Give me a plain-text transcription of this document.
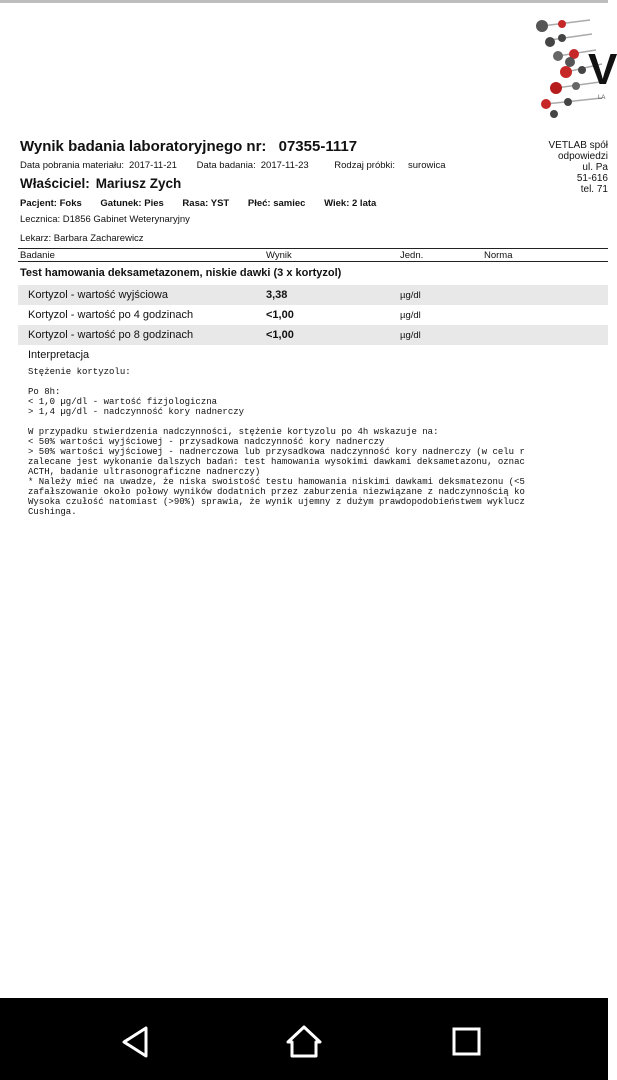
V
LA
Wynik badania laboratoryjnego nr: 07355-1117	VETLAB spół
odpowiedzi
ul. Pa
51-616
tel. 71
Data pobrania materiału: 2017-11-21 Data badania: 2017-11-23	Rodzaj próbki: surowica
Właściciel: Mariusz Zych
Pacjent: Foks Gatunek: Pies Rasa: YST Płeć: samiec Wiek: 2 lata
Lecznica: D1856 Gabinet Weterynaryjny
Lekarz: Barbara Zacharewicz
Badanie	Wynik	Jedn.	Norma
Test hamowania deksametazonem, niskie dawki (3 x kortyzol)
Kortyzol - wartość wyjściowa	3,38	µg/dl
Kortyzol - wartość po 4 godzinach	<1,00	µg/dl
Kortyzol - wartość po 8 godzinach	<1,00	µg/dl
Interpretacja
Stężenie kortyzolu:

Po 8h:
< 1,0 µg/dl - wartość fizjologiczna
> 1,4 µg/dl - nadczynność kory nadnerczy

W przypadku stwierdzenia nadczynności, stężenie kortyzolu po 4h wskazuje na:
< 50% wartości wyjściowej - przysadkowa nadczynność kory nadnerczy
> 50% wartości wyjściowej - nadnerczowa lub przysadkowa nadczynność kory nadnerczy (w celu r
zalecane jest wykonanie dalszych badań: test hamowania wysokimi dawkami deksametazonu, oznac
ACTH, badanie ultrasonograficzne nadnerczy)
* Należy mieć na uwadze, że niska swoistość testu hamowania niskimi dawkami deksmatezonu (<5
zafałszowanie około połowy wyników dodatnich przez zaburzenia niezwiązane z nadczynnością ko
Wysoka czułość natomiast (>90%) sprawia, że wynik ujemny z dużym prawdopodobieństwem wyklucz
Cushinga.
